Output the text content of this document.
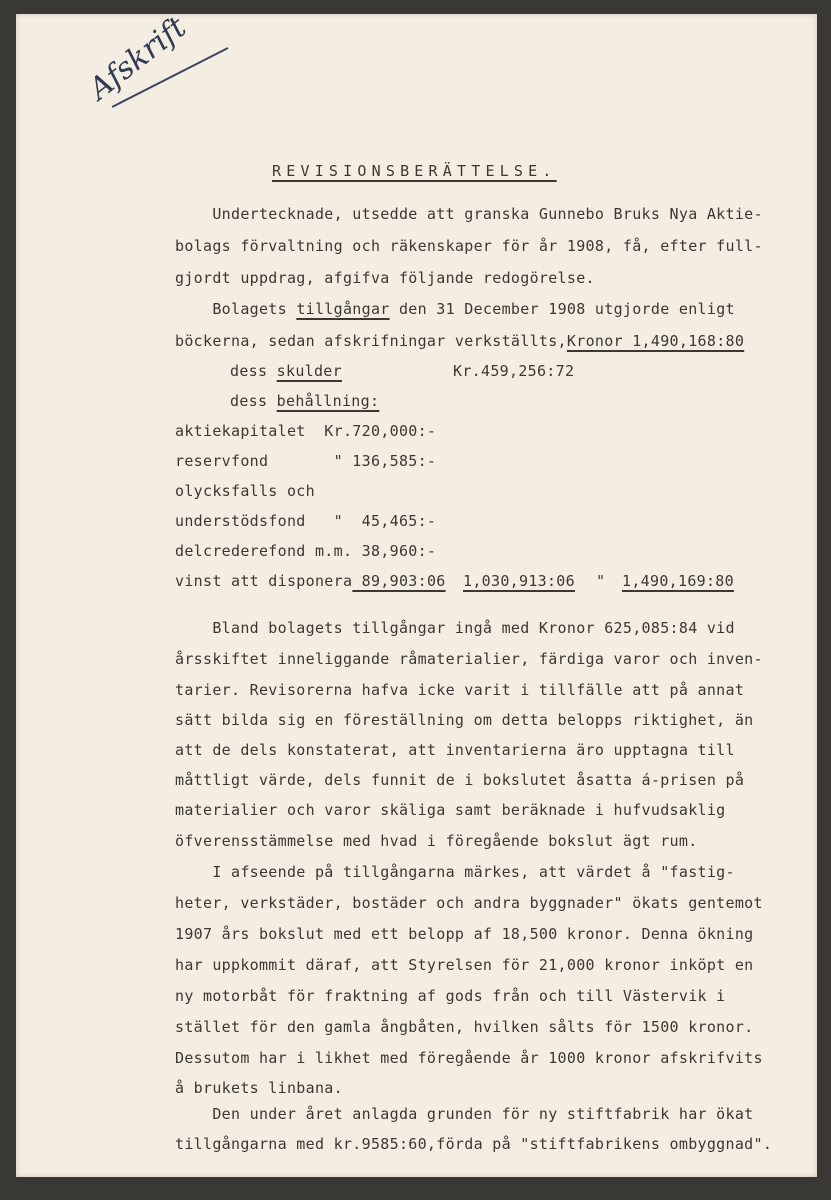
Afskrift
REVISIONSBERÄTTELSE.
Undertecknade, utsedde att granska Gunnebo Bruks Nya Aktie-
bolags förvaltning och räkenskaper för år 1908, få, efter full-
gjordt uppdrag, afgifva följande redogörelse.
Bolagets tillgångar den 31 December 1908 utgjorde enligt
böckerna, sedan afskrifningar verkställts,Kronor 1,490,168:80
dess skulder	Kr.459,256:72
dess behållning:
aktiekapitalet  Kr.720,000:-
reservfond       " 136,585:-
olycksfalls och
understödsfond   "  45,465:-
delcrederefond m.m. 38,960:-
vinst att disponera 89,903:06 1,030,913:06 " 1,490,169:80
Bland bolagets tillgångar ingå med Kronor 625,085:84 vid
årsskiftet inneliggande råmaterialier, färdiga varor och inven-
tarier. Revisorerna hafva icke varit i tillfälle att på annat
sätt bilda sig en föreställning om detta belopps riktighet, än
att de dels konstaterat, att inventarierna äro upptagna till
måttligt värde, dels funnit de i bokslutet åsatta á-prisen på
materialier och varor skäliga samt beräknade i hufvudsaklig
öfverensstämmelse med hvad i föregående bokslut ägt rum.
I afseende på tillgångarna märkes, att värdet å "fastig-
heter, verkstäder, bostäder och andra byggnader" ökats gentemot
1907 års bokslut med ett belopp af 18,500 kronor. Denna ökning
har uppkommit däraf, att Styrelsen för 21,000 kronor inköpt en
ny motorbåt för fraktning af gods från och till Västervik i
stället för den gamla ångbåten, hvilken sålts för 1500 kronor.
Dessutom har i likhet med föregående år 1000 kronor afskrifvits
å brukets linbana.
Den under året anlagda grunden för ny stiftfabrik har ökat
tillgångarna med kr.9585:60,förda på "stiftfabrikens ombyggnad".
